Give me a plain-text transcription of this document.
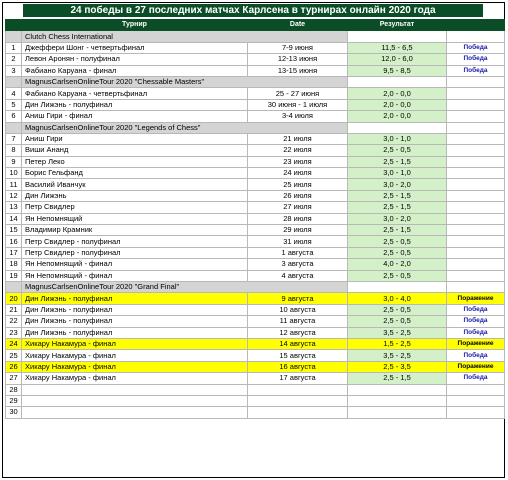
24 победы в 27 последних матчах Карлсена в турнирах онлайн 2020 года
	Турнир	Date	Результат	
	Clutch Chess International			
1	Джеффери Шонг - четвертьфинал	7-9 июня	11,5 - 6,5	Победа
2	Левон Аронян - полуфинал	12-13 июня	12,0 - 6,0	Победа
3	Фабиано Каруана - финал	13-15 июня	9,5 - 8,5	Победа
	MagnusCarlsenOnlineTour 2020 "Chessable Masters"			
4	Фабиано Каруана - четвертьфинал	25 - 27 июня	2,0 - 0,0	
5	Дин Лижэнь - полуфинал	30 июня - 1 июля	2,0 - 0,0	
6	Аниш Гири - финал	3-4 июля	2,0 - 0,0	
	MagnusCarlsenOnlineTour 2020 "Legends of Chess"			
7	Аниш Гири	21 июля	3,0 - 1,0	
8	Виши Ананд	22 июля	2,5 - 0,5	
9	Петер Леко	23 июля	2,5 - 1,5	
10	Борис Гельфанд	24 июля	3,0 - 1,0	
11	Василий Иванчук	25 июля	3,0 - 2,0	
12	Дин Лижэнь	26 июля	2,5 - 1,5	
13	Петр Свидлер	27 июля	2,5 - 1,5	
14	Ян Непомнящий	28 июля	3,0 - 2,0	
15	Владимир Крамник	29 июля	2,5 - 1,5	
16	Петр Свидлер - полуфинал	31 июля	2,5 - 0,5	
17	Петр Свидлер - полуфинал	1 августа	2,5 - 0,5	
18	Ян Непомнящий - финал	3 августа	4,0 - 2,0	
19	Ян Непомнящий - финал	4 августа	2,5 - 0,5	
	MagnusCarlsenOnlineTour 2020 "Grand Final"			
20	Дин Лижэнь - полуфинал	9 августа	3,0 - 4,0	Поражение
21	Дин Лижэнь - полуфинал	10 августа	2,5 - 0,5	Победа
22	Дин Лижэнь - полуфинал	11 августа	2,5 - 0,5	Победа
23	Дин Лижэнь - полуфинал	12 августа	3,5 - 2,5	Победа
24	Хикару Накамура - финал	14 августа	1,5 - 2,5	Поражение
25	Хикару Накамура - финал	15 августа	3,5 - 2,5	Победа
26	Хикару Накамура - финал	16 августа	2,5 - 3,5	Поражение
27	Хикару Накамура - финал	17 августа	2,5 - 1,5	Победа
28				
29				
30				
